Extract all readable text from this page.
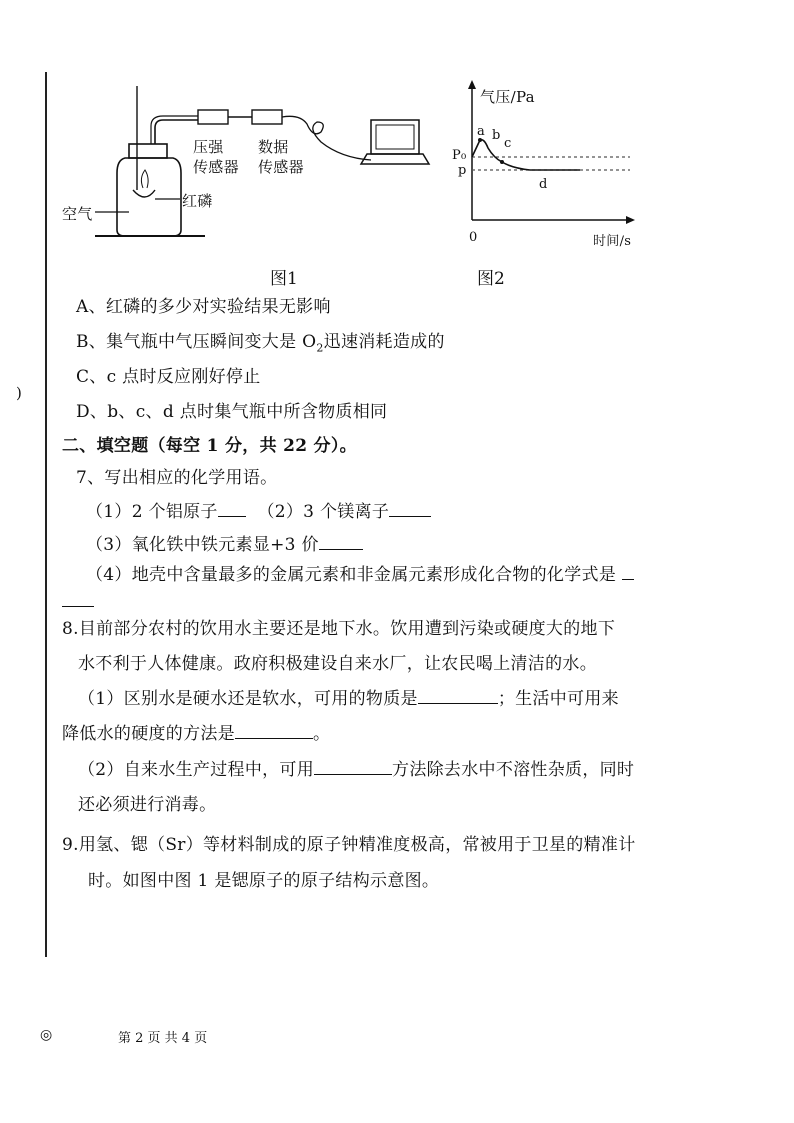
)
压强
传感器
数据
传感器
红磷
空气
图1
气压/Pa
P₀
p
a b
c
d
0	时间/s
图2
A、红磷的多少对实验结果无影响
B、集气瓶中气压瞬间变大是 $O_2$迅速消耗造成的
C、c 点时反应刚好停止
D、b、c、d 点时集气瓶中所含物质相同
二、填空题（每空 1 分，共 22 分）。
7、写出相应的化学用语。
（1）2 个铝原子 （2）3 个镁离子
（3）氧化铁中铁元素显+3 价
（4）地壳中含量最多的金属元素和非金属元素形成化合物的化学式是
8.目前部分农村的饮用水主要还是地下水。饮用遭到污染或硬度大的地下
水不利于人体健康。政府积极建设自来水厂，让农民喝上清洁的水。
（1）区别水是硬水还是软水，可用的物质是	；生活中可用来
降低水的硬度的方法是	。
（2）自来水生产过程中，可用	方法除去水中不溶性杂质，同时
还必须进行消毒。
9.用氢、锶（Sr）等材料制成的原子钟精准度极高，常被用于卫星的精准计
时。如图中图 1 是锶原子的原子结构示意图。
◎	第 2 页 共 4 页
